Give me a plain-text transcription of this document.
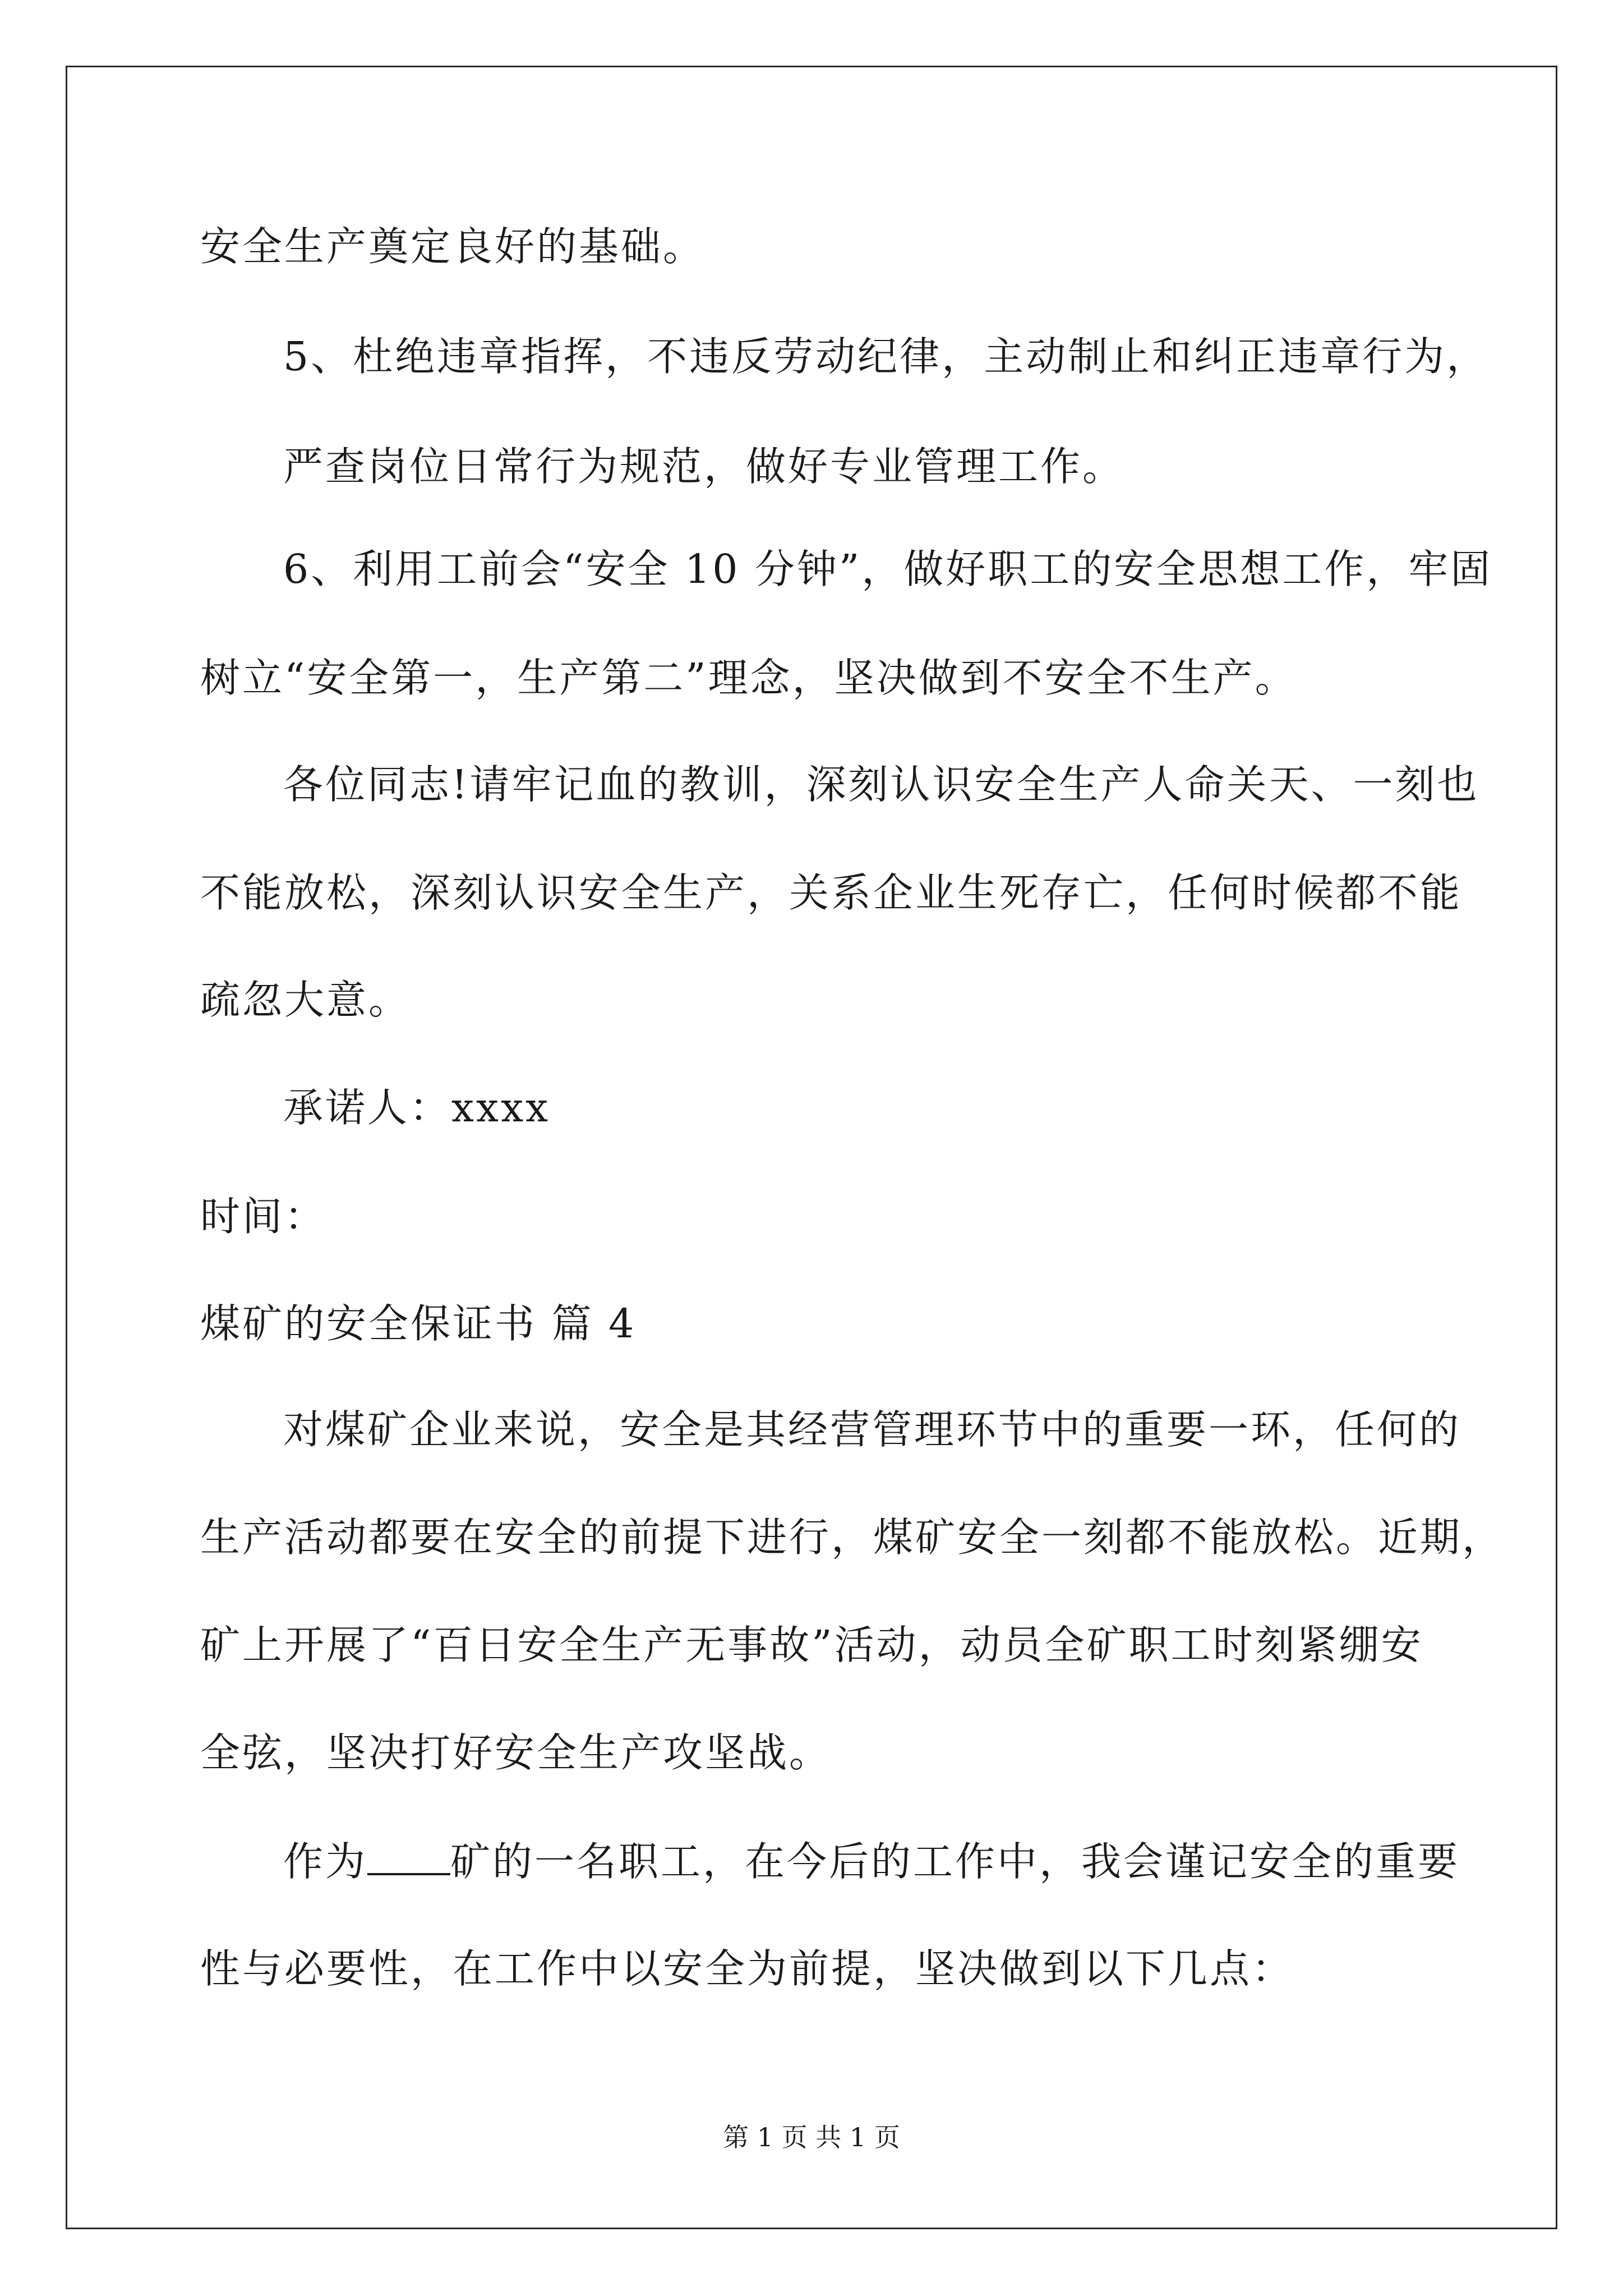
安全生产奠定良好的基础。
5、杜绝违章指挥，不违反劳动纪律，主动制止和纠正违章行为，
严查岗位日常行为规范，做好专业管理工作。
6、利用工前会“安全 10 分钟”，做好职工的安全思想工作，牢固
树立“安全第一，生产第二”理念，坚决做到不安全不生产。
各位同志!请牢记血的教训，深刻认识安全生产人命关天、一刻也
不能放松，深刻认识安全生产，关系企业生死存亡，任何时候都不能
疏忽大意。
承诺人：xxxx
时间：
煤矿的安全保证书 篇 4
对煤矿企业来说，安全是其经营管理环节中的重要一环，任何的
生产活动都要在安全的前提下进行，煤矿安全一刻都不能放松。近期，
矿上开展了“百日安全生产无事故”活动，动员全矿职工时刻紧绷安
全弦，坚决打好安全生产攻坚战。
作为 矿的一名职工，在今后的工作中，我会谨记安全的重要
性与必要性，在工作中以安全为前提，坚决做到以下几点：
第 1 页 共 1 页
